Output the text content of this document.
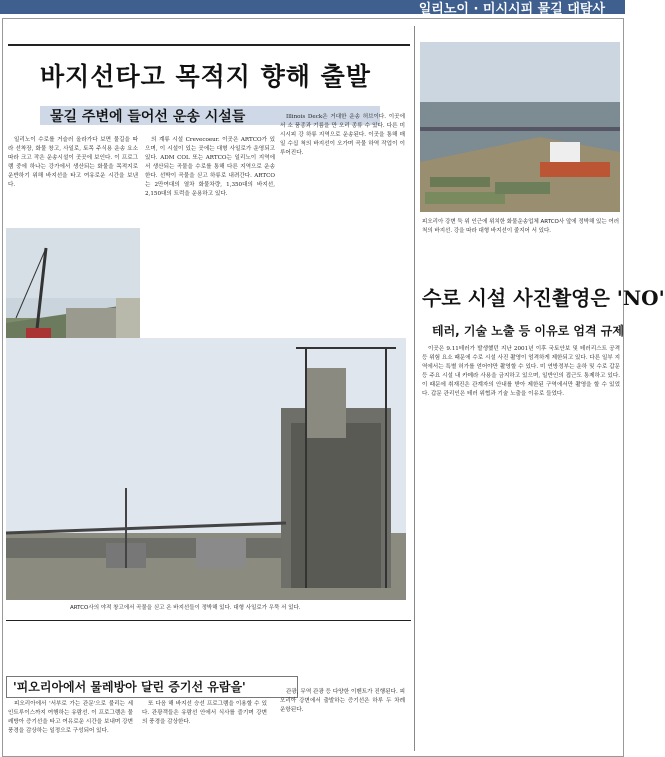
일리노이 · 미시시피 물길 대탐사
바지선타고 목적지 향해 출발
물길 주변에 들어선 운송 시설들

일리노이 수로를 거슬러 올라가다 보면 물길을 따라 선착장, 화물 창고, 사일로, 토목 주식용 운송 요소 따라 크고 작은 운송시설이 곳곳에 보인다. 이 프로그램 중에 하나는 강가에서 생산되는 화물을 목적지로 운반하기 위해 바지선을 타고 여유로운 시간을 보낸다.

의 계류 시설 Crevecoeur. 이곳은 ARTCO가 있으며, 이 시설이 있는 곳에는 대형 사일로가 운영되고 있다. ADM COL 또는 ARTCO는 일리노이 지역에서 생산되는 곡물을 수로를 통해 다른 지역으로 운송한다. 선박이 곡물을 싣고 하류로 내려간다. ARTCO는 2만여대의 열차 화물차량, 1,350대의 바지선, 2,150대의 트럭을 운용하고 있다.

Illinois Deck은 거대한 운송 허브이다. 이곳에서 소 품종과 기름을 만 오리 종류 수 있다. 다른 미시시피 강 하류 지역으로 운송된다. 이곳을 통해 매일 수십 척의 바지선이 오가며 곡물 하역 작업이 이루어진다.

ARTCO사의 야적 창고에서 곡물을 싣고 온 바지선들이 정박해 있다. 대형 사일로가 우뚝 서 있다.
'피오리아에서 물레방아 달린 증기선 유람을'

피오리아에서 '서부로 가는 관문'으로 불리는 세인트루이스까지 여행하는 유람선. 이 프로그램은 물레방아 증기선을 타고 여유로운 시간을 보내며 강변 풍경을 감상하는 일정으로 구성되어 있다.

또 다음 해 바지선 승선 프로그램을 이용할 수 있다. 관광객들은 유람선 안에서 식사를 즐기며 강변의 풍경을 감상한다.

관광, 무역 관광 등 다양한 이벤트가 진행된다. 피오리아 강변에서 출발하는 증기선은 하루 두 차례 운항된다.

피오리아 강변 둑 위 인근에 위치한 화물운송업체 ARTCO사 앞에 정박해 있는 여러 척의 바지선. 강을 따라 대형 바지선이 줄지어 서 있다.
수로 시설 사진촬영은 'NO'
테러, 기술 노출 등 이유로 엄격 규제

이곳은 9.11테러가 발생했던 지난 2001년 이후 국토안보 및 테러리스트 공격 등 위험 요소 때문에 수로 시설 사진 촬영이 엄격하게 제한되고 있다. 다른 일부 지역에서는 특별 허가를 얻어야만 촬영할 수 있다. 미 연방정부는 운하 및 수로 갑문 등 주요 시설 내 카메라 사용을 금지하고 있으며, 일반인의 접근도 통제하고 있다. 이 때문에 취재진은 관계자의 안내를 받아 제한된 구역에서만 촬영을 할 수 있었다. 갑문 관리인은 테러 위협과 기술 노출을 이유로 들었다.
